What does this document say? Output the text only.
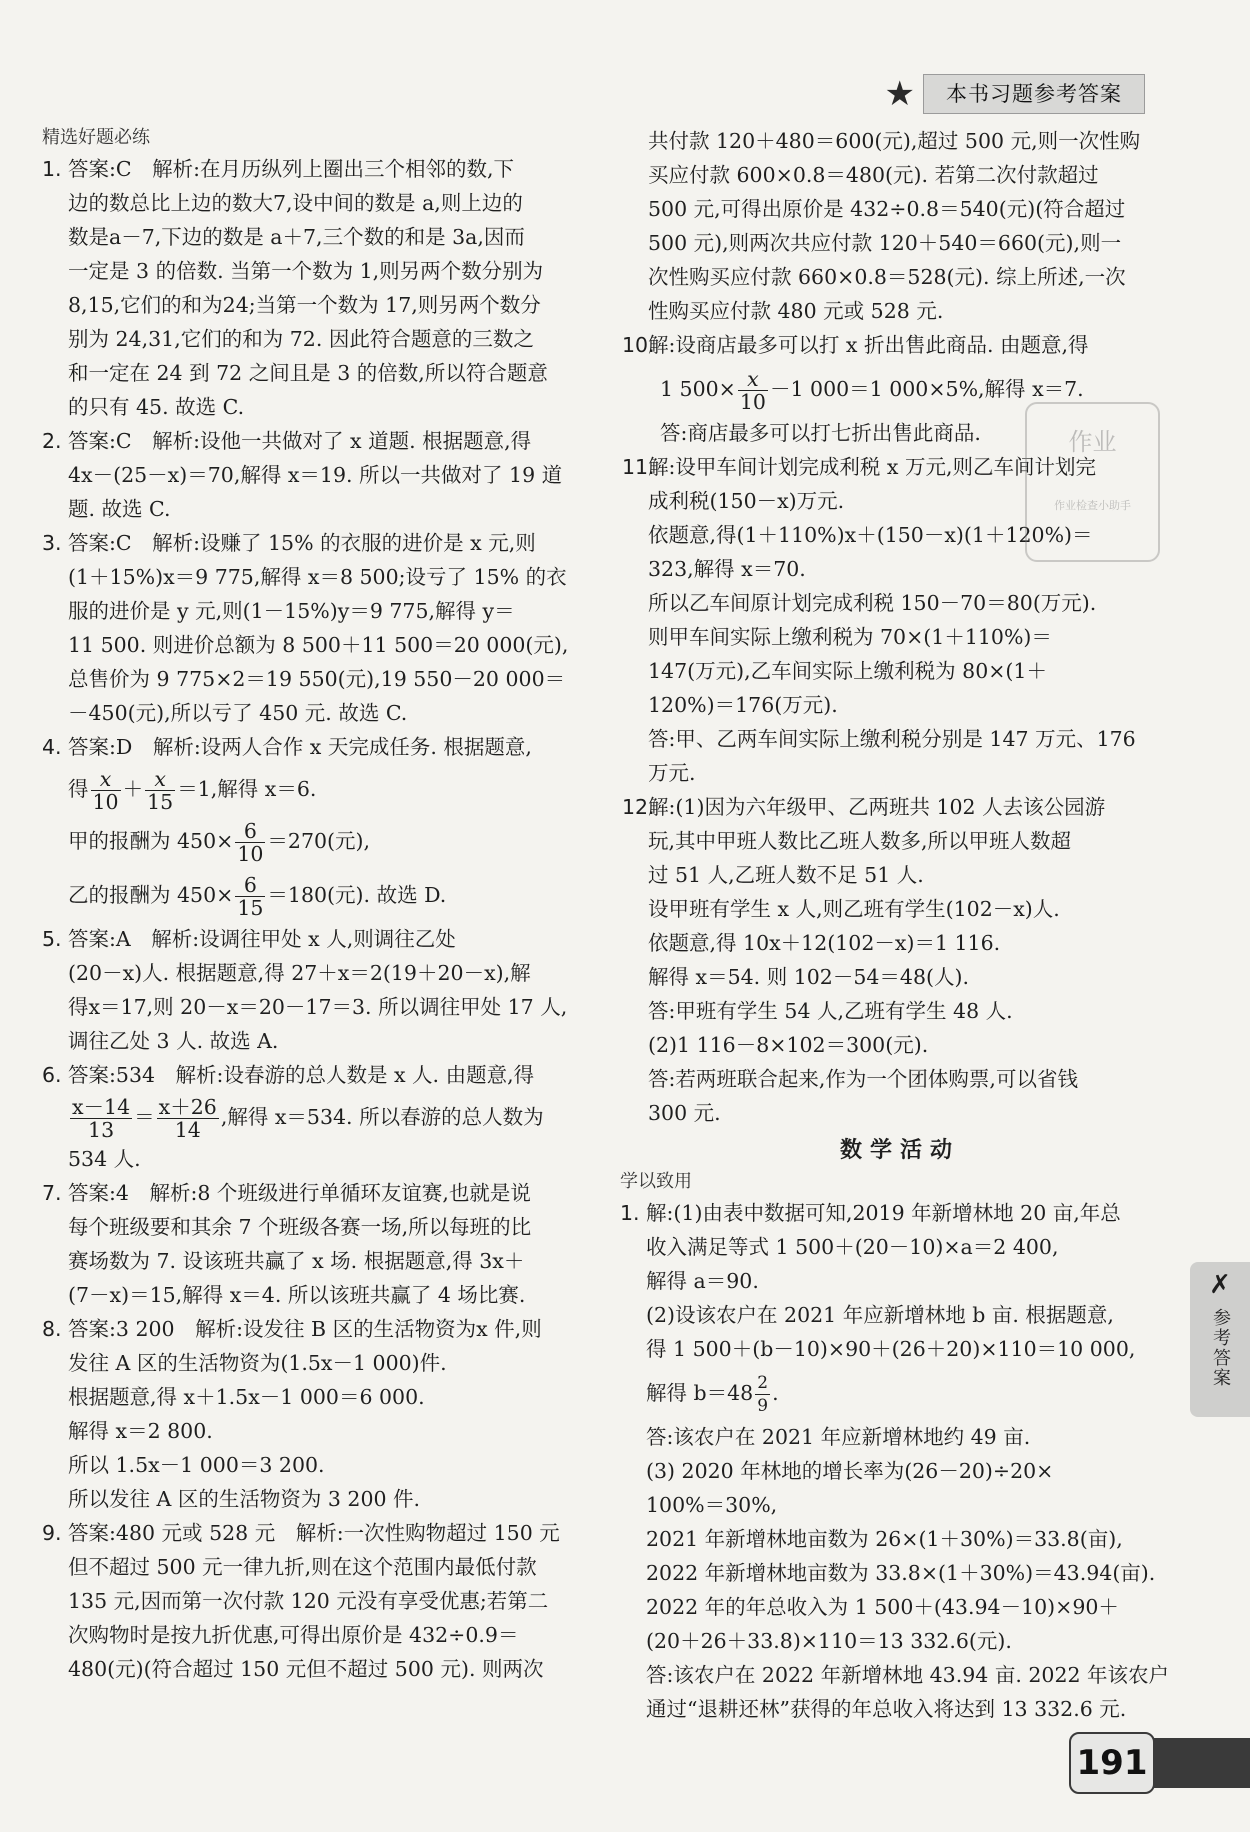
★	本书习题参考答案
精选好题必练
1. 答案:C　解析:在月历纵列上圈出三个相邻的数,下
边的数总比上边的数大7,设中间的数是 a,则上边的
数是a－7,下边的数是 a＋7,三个数的和是 3a,因而
一定是 3 的倍数. 当第一个数为 1,则另两个数分别为
8,15,它们的和为24;当第一个数为 17,则另两个数分
别为 24,31,它们的和为 72. 因此符合题意的三数之
和一定在 24 到 72 之间且是 3 的倍数,所以符合题意
的只有 45. 故选 C.
2. 答案:C　解析:设他一共做对了 x 道题. 根据题意,得
4x－(25－x)＝70,解得 x＝19. 所以一共做对了 19 道
题. 故选 C.
3. 答案:C　解析:设赚了 15% 的衣服的进价是 x 元,则
(1＋15%)x＝9 775,解得 x＝8 500;设亏了 15% 的衣
服的进价是 y 元,则(1－15%)y＝9 775,解得 y＝
11 500. 则进价总额为 8 500＋11 500＝20 000(元),
总售价为 9 775×2＝19 550(元),19 550－20 000＝
－450(元),所以亏了 450 元. 故选 C.
4. 答案:D　解析:设两人合作 x 天完成任务. 根据题意,
得 $\frac{x}{10} + \frac{x}{15} =1$,解得 x＝6.
甲的报酬为 $450\times \frac{6}{10} =270$(元),
乙的报酬为 $450\times \frac{6}{15} =180$(元). 故选 D.
5. 答案:A　解析:设调往甲处 x 人,则调往乙处
(20－x)人. 根据题意,得 27＋x＝2(19＋20－x),解
得x＝17,则 20－x＝20－17＝3. 所以调往甲处 17 人,
调往乙处 3 人. 故选 A.
6. 答案:534　解析:设春游的总人数是 x 人. 由题意,得
$\frac{x-14}{13} = \frac{x+26}{14}$ ,解得 x＝534. 所以春游的总人数为
534 人.
7. 答案:4　解析:8 个班级进行单循环友谊赛,也就是说
每个班级要和其余 7 个班级各赛一场,所以每班的比
赛场数为 7. 设该班共赢了 x 场. 根据题意,得 3x＋
(7－x)＝15,解得 x＝4. 所以该班共赢了 4 场比赛.
8. 答案:3 200　解析:设发往 B 区的生活物资为x 件,则
发往 A 区的生活物资为(1.5x－1 000)件.
根据题意,得 x＋1.5x－1 000＝6 000.
解得 x＝2 800.
所以 1.5x－1 000＝3 200.
所以发往 A 区的生活物资为 3 200 件.
9. 答案:480 元或 528 元　解析:一次性购物超过 150 元
但不超过 500 元一律九折,则在这个范围内最低付款
135 元,因而第一次付款 120 元没有享受优惠;若第二
次购物时是按九折优惠,可得出原价是 432÷0.9＝
480(元)(符合超过 150 元但不超过 500 元). 则两次
共付款 120＋480＝600(元),超过 500 元,则一次性购
买应付款 600×0.8＝480(元). 若第二次付款超过
500 元,可得出原价是 432÷0.8＝540(元)(符合超过
500 元),则两次共应付款 120＋540＝660(元),则一
次性购买应付款 660×0.8＝528(元). 综上所述,一次
性购买应付款 480 元或 528 元.
10.解:设商店最多可以打 x 折出售此商品. 由题意,得
1 $500\times \frac{x}{10} -1$ 000＝1 000×5%,解得 x＝7.
答:商店最多可以打七折出售此商品.
11.解:设甲车间计划完成利税 x 万元,则乙车间计划完
成利税(150－x)万元.
依题意,得(1＋110%)x＋(150－x)(1＋120%)＝
323,解得 x＝70.
所以乙车间原计划完成利税 150－70＝80(万元).
则甲车间实际上缴利税为 70×(1＋110%)＝
147(万元),乙车间实际上缴利税为 80×(1＋
120%)＝176(万元).
答:甲、乙两车间实际上缴利税分别是 147 万元、176
万元.
12.解:(1)因为六年级甲、乙两班共 102 人去该公园游
玩,其中甲班人数比乙班人数多,所以甲班人数超
过 51 人,乙班人数不足 51 人.
设甲班有学生 x 人,则乙班有学生(102－x)人.
依题意,得 10x＋12(102－x)＝1 116.
解得 x＝54. 则 102－54＝48(人).
答:甲班有学生 54 人,乙班有学生 48 人.
(2)1 116－8×102＝300(元).
答:若两班联合起来,作为一个团体购票,可以省钱
300 元.
数学活动
学以致用
1. 解:(1)由表中数据可知,2019 年新增林地 20 亩,年总
收入满足等式 1 500＋(20－10)×a＝2 400,
解得 a＝90.
(2)设该农户在 2021 年应新增林地 b 亩. 根据题意,
得 1 500＋(b－10)×90＋(26＋20)×110＝10 000,
解得 $b=48 \frac{2}{9}$ .
答:该农户在 2021 年应新增林地约 49 亩.
(3) 2020 年林地的增长率为(26－20)÷20×
100%＝30%,
2021 年新增林地亩数为 26×(1＋30%)＝33.8(亩),
2022 年新增林地亩数为 33.8×(1＋30%)＝43.94(亩).
2022 年的年总收入为 1 500＋(43.94－10)×90＋
(20＋26＋33.8)×110＝13 332.6(元).
答:该农户在 2022 年新增林地 43.94 亩. 2022 年该农户
通过“退耕还林”获得的年总收入将达到 13 332.6 元.
作业
作业检查小助手
✗
参考答案
191
